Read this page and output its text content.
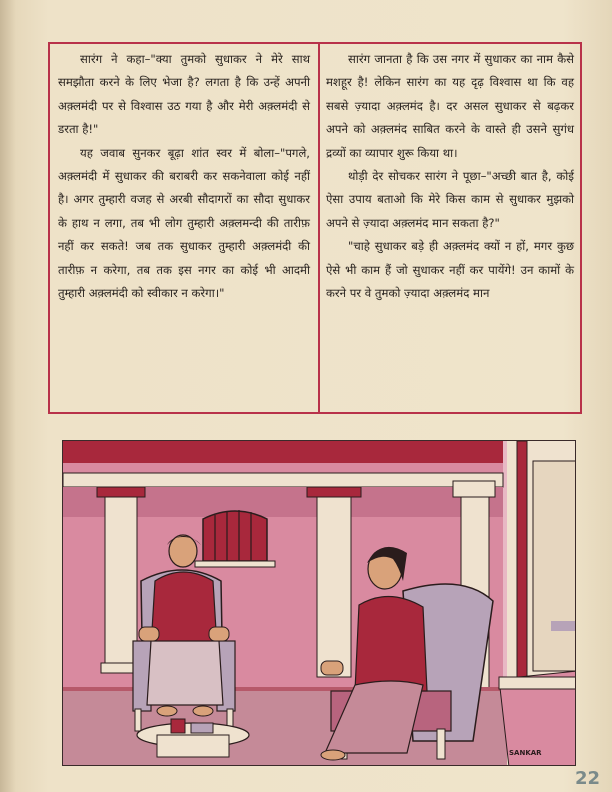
सारंग ने कहा–"क्या तुमको सुधाकर ने मेरे साथ समझौता करने के लिए भेजा है? लगता है कि उन्हें अपनी अक़्लमंदी पर से विश्वास उठ गया है और मेरी अक़्लमंदी से डरता है!"

यह जवाब सुनकर बूढ़ा शांत स्वर में बोला–"पगले, अक़्लमंदी में सुधाकर की बराबरी कर सकनेवाला कोई नहीं है। अगर तुम्हारी वजह से अरबी सौदागरों का सौदा सुधाकर के हाथ न लगा, तब भी लोग तुम्हारी अक़्लमन्दी की तारीफ़ नहीं कर सकते! जब तक सुधाकर तुम्हारी अक़्लमंदी की तारीफ़ न करेगा, तब तक इस नगर का कोई भी आदमी तुम्हारी अक़्लमंदी को स्वीकार न करेगा।"

सारंग जानता है कि उस नगर में सुधाकर का नाम कैसे मशहूर है! लेकिन सारंग का यह दृढ़ विश्वास था कि वह सबसे ज़्यादा अक़्लमंद है। दर असल सुधाकर से बढ़कर अपने को अक़्लमंद साबित करने के वास्ते ही उसने सुगंध द्रव्यों का व्यापार शुरू किया था।

थोड़ी देर सोचकर सारंग ने पूछा–"अच्छी बात है, कोई ऐसा उपाय बताओ कि मेरे किस काम से सुधाकर मुझको अपने से ज़्यादा अक़्लमंद मान सकता है?"

"चाहे सुधाकर बड़े ही अक़्लमंद क्यों न हों, मगर कुछ ऐसे भी काम हैं जो सुधाकर नहीं कर पायेंगे! उन कामों के करने पर वे तुमको ज़्यादा अक़्लमंद मान

SANKAR
22
